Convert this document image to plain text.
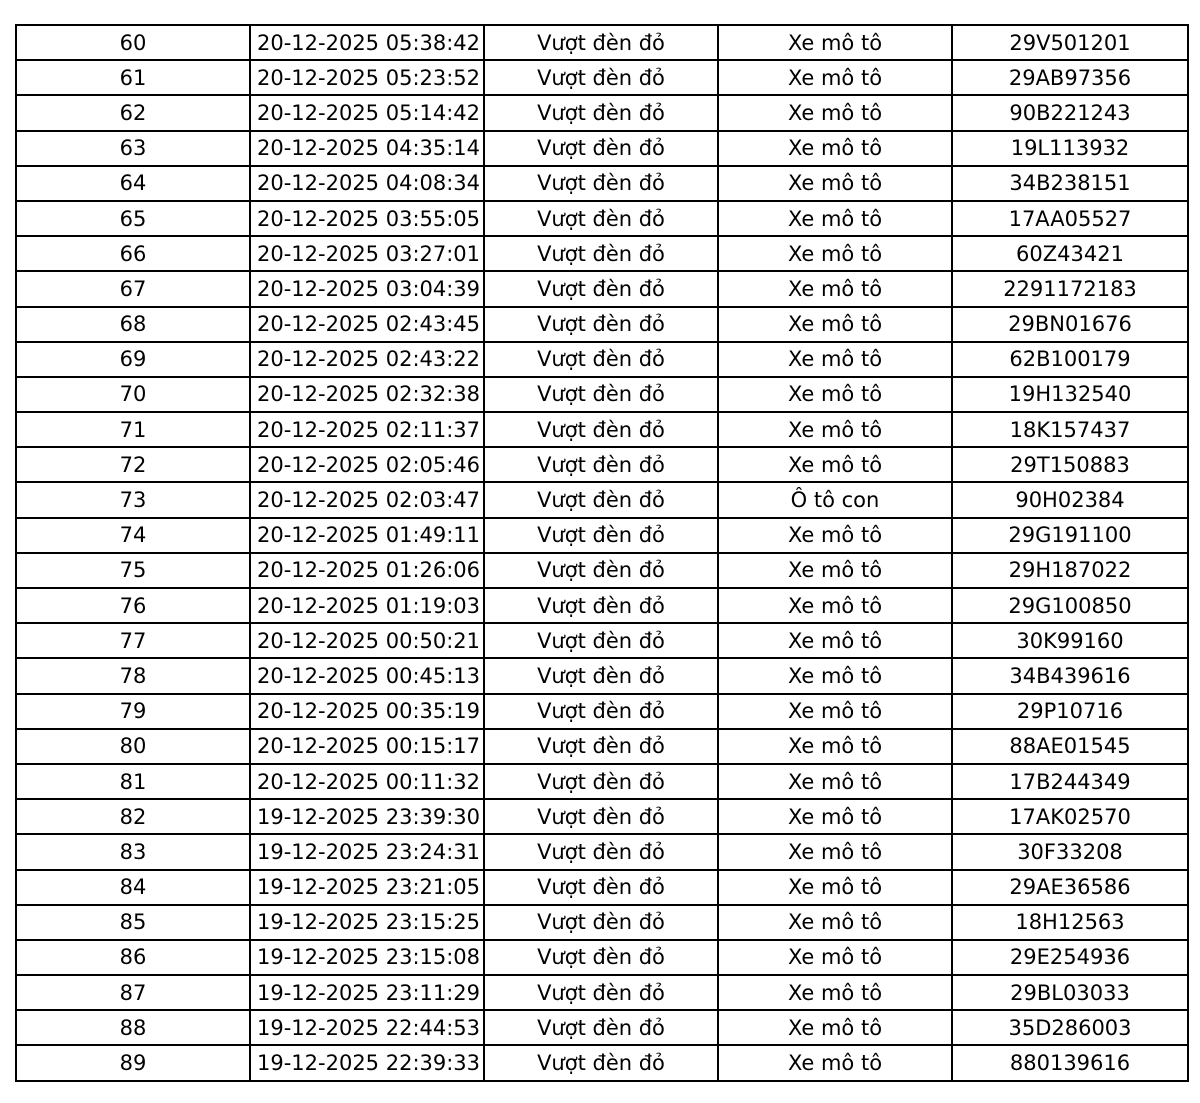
60	20-12-2025 05:38:42	Vượt đèn đỏ	Xe mô tô	29V501201
61	20-12-2025 05:23:52	Vượt đèn đỏ	Xe mô tô	29AB97356
62	20-12-2025 05:14:42	Vượt đèn đỏ	Xe mô tô	90B221243
63	20-12-2025 04:35:14	Vượt đèn đỏ	Xe mô tô	19L113932
64	20-12-2025 04:08:34	Vượt đèn đỏ	Xe mô tô	34B238151
65	20-12-2025 03:55:05	Vượt đèn đỏ	Xe mô tô	17AA05527
66	20-12-2025 03:27:01	Vượt đèn đỏ	Xe mô tô	60Z43421
67	20-12-2025 03:04:39	Vượt đèn đỏ	Xe mô tô	2291172183
68	20-12-2025 02:43:45	Vượt đèn đỏ	Xe mô tô	29BN01676
69	20-12-2025 02:43:22	Vượt đèn đỏ	Xe mô tô	62B100179
70	20-12-2025 02:32:38	Vượt đèn đỏ	Xe mô tô	19H132540
71	20-12-2025 02:11:37	Vượt đèn đỏ	Xe mô tô	18K157437
72	20-12-2025 02:05:46	Vượt đèn đỏ	Xe mô tô	29T150883
73	20-12-2025 02:03:47	Vượt đèn đỏ	Ô tô con	90H02384
74	20-12-2025 01:49:11	Vượt đèn đỏ	Xe mô tô	29G191100
75	20-12-2025 01:26:06	Vượt đèn đỏ	Xe mô tô	29H187022
76	20-12-2025 01:19:03	Vượt đèn đỏ	Xe mô tô	29G100850
77	20-12-2025 00:50:21	Vượt đèn đỏ	Xe mô tô	30K99160
78	20-12-2025 00:45:13	Vượt đèn đỏ	Xe mô tô	34B439616
79	20-12-2025 00:35:19	Vượt đèn đỏ	Xe mô tô	29P10716
80	20-12-2025 00:15:17	Vượt đèn đỏ	Xe mô tô	88AE01545
81	20-12-2025 00:11:32	Vượt đèn đỏ	Xe mô tô	17B244349
82	19-12-2025 23:39:30	Vượt đèn đỏ	Xe mô tô	17AK02570
83	19-12-2025 23:24:31	Vượt đèn đỏ	Xe mô tô	30F33208
84	19-12-2025 23:21:05	Vượt đèn đỏ	Xe mô tô	29AE36586
85	19-12-2025 23:15:25	Vượt đèn đỏ	Xe mô tô	18H12563
86	19-12-2025 23:15:08	Vượt đèn đỏ	Xe mô tô	29E254936
87	19-12-2025 23:11:29	Vượt đèn đỏ	Xe mô tô	29BL03033
88	19-12-2025 22:44:53	Vượt đèn đỏ	Xe mô tô	35D286003
89	19-12-2025 22:39:33	Vượt đèn đỏ	Xe mô tô	880139616
